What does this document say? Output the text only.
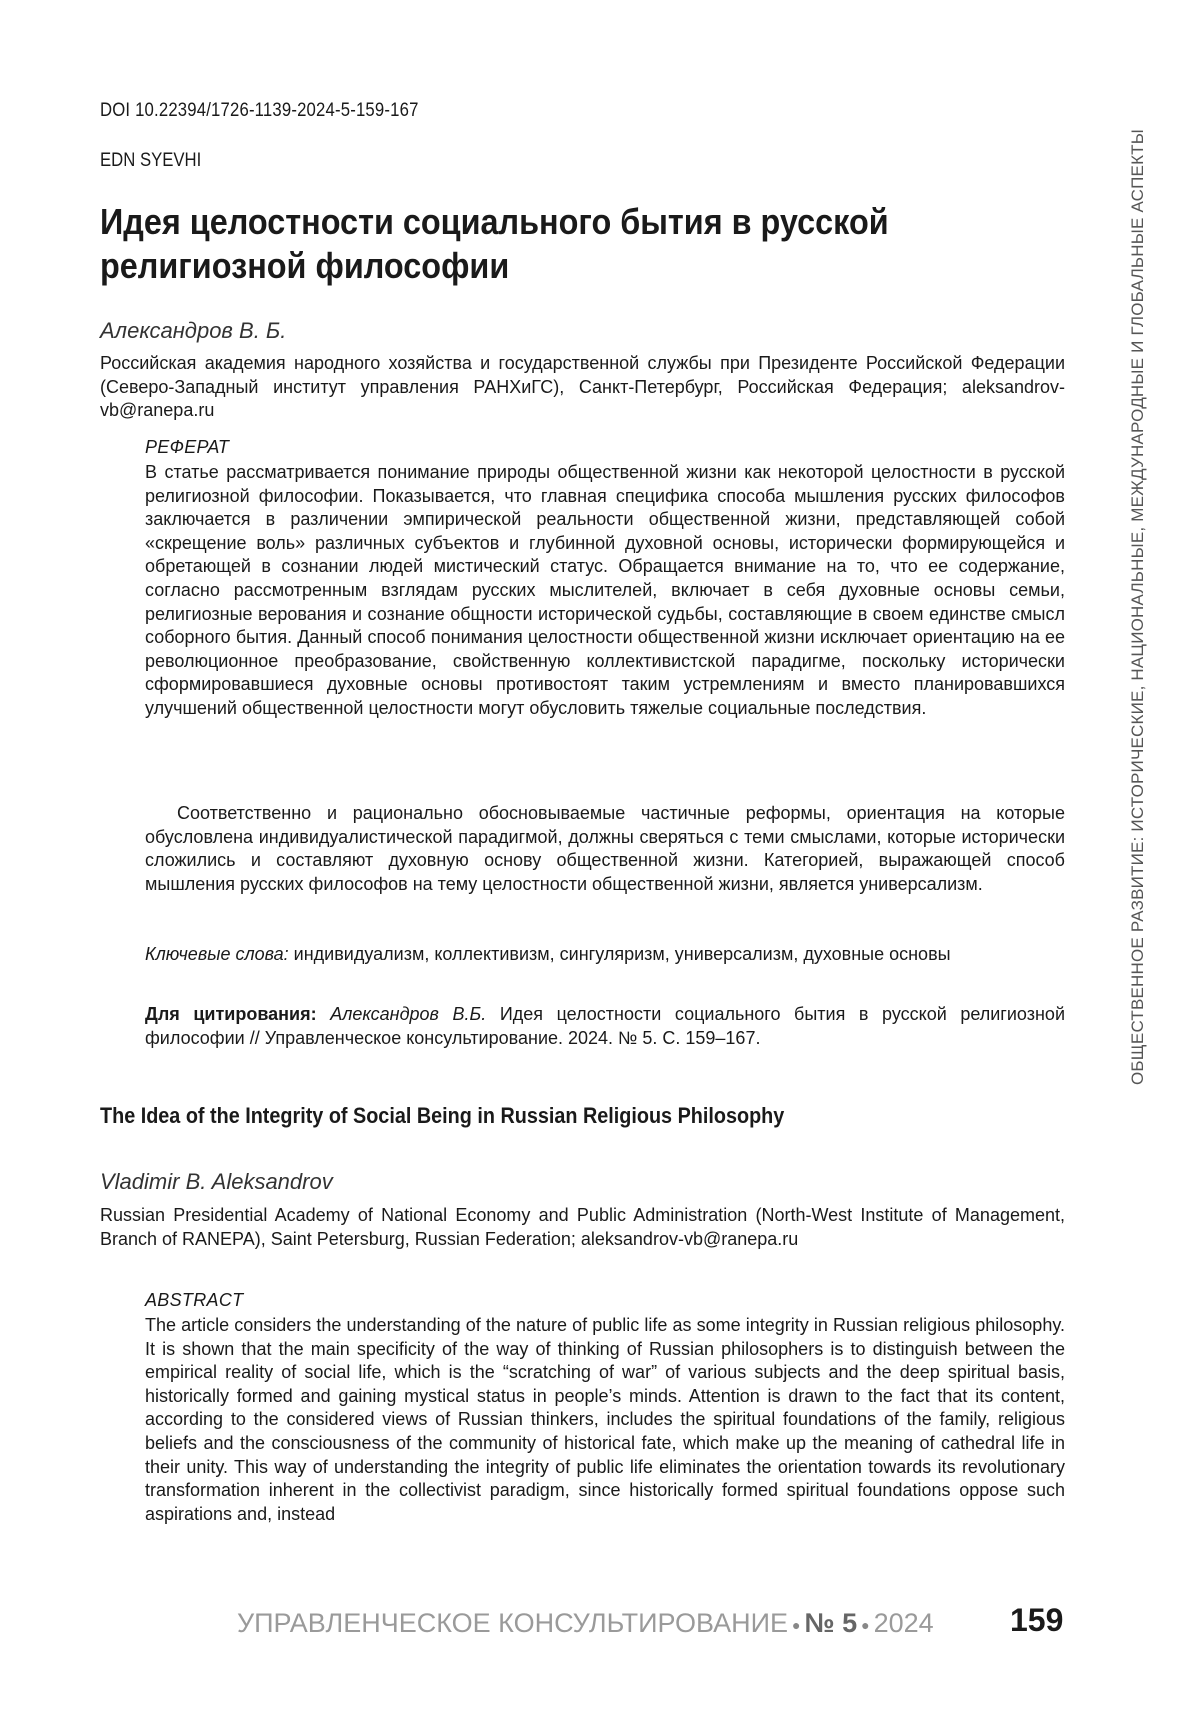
DOI 10.22394/1726-1139-2024-5-159-167
EDN SYEVHI
Идея целостности социального бытия в русской религиозной философии
Александров В. Б.
Российская академия народного хозяйства и государственной службы при Президенте Российской Федерации (Северо-Западный институт управления РАНХиГС), Санкт-Петербург, Российская Федерация; aleksandrov-vb@ranepa.ru
РЕФЕРАТ
В статье рассматривается понимание природы общественной жизни как некоторой целостности в русской религиозной философии. Показывается, что главная специфика способа мышления русских философов заключается в различении эмпирической реальности общественной жизни, представляющей собой «скрещение воль» различных субъектов и глубинной духовной основы, исторически формирующейся и обретающей в сознании людей мистический статус. Обращается внимание на то, что ее содержание, согласно рассмотренным взглядам русских мыслителей, включает в себя духовные основы семьи, религиозные верования и сознание общности исторической судьбы, составляющие в своем единстве смысл соборного бытия. Данный способ понимания целостности общественной жизни исключает ориентацию на ее революционное преобразование, свойственную коллективистской парадигме, поскольку исторически сформировавшиеся духовные основы противостоят таким устремлениям и вместо планировавшихся улучшений общественной целостности могут обусловить тяжелые социальные последствия.
Соответственно и рационально обосновываемые частичные реформы, ориентация на которые обусловлена индивидуалистической парадигмой, должны сверяться с теми смыслами, которые исторически сложились и составляют духовную основу общественной жизни. Категорией, выражающей способ мышления русских философов на тему целостности общественной жизни, является универсализм.
Ключевые слова: индивидуализм, коллективизм, сингуляризм, универсализм, духовные основы
Для цитирования: Александров В.Б. Идея целостности социального бытия в русской религиозной философии // Управленческое консультирование. 2024. № 5. С. 159–167.
The Idea of the Integrity of Social Being in Russian Religious Philosophy
Vladimir B. Aleksandrov
Russian Presidential Academy of National Economy and Public Administration (North-West Institute of Management, Branch of RANEPA), Saint Petersburg, Russian Federation; aleksandrov-vb@ranepa.ru
ABSTRACT
The article considers the understanding of the nature of public life as some integrity in Russian religious philosophy. It is shown that the main specificity of the way of thinking of Russian philosophers is to distinguish between the empirical reality of social life, which is the “scratching of war” of various subjects and the deep spiritual basis, historically formed and gaining mystical status in people’s minds. Attention is drawn to the fact that its content, according to the considered views of Russian thinkers, includes the spiritual foundations of the family, religious beliefs and the consciousness of the community of historical fate, which make up the meaning of cathedral life in their unity. This way of understanding the integrity of public life eliminates the orientation towards its revolutionary transformation inherent in the collectivist paradigm, since historically formed spiritual foundations oppose such aspirations and, instead
ОБЩЕСТВЕННОЕ РАЗВИТИЕ: ИСТОРИЧЕСКИЕ, НАЦИОНАЛЬНЫЕ, МЕЖДУНАРОДНЫЕ И ГЛОБАЛЬНЫЕ АСПЕКТЫ
УПРАВЛЕНЧЕСКОЕ КОНСУЛЬТИРОВАНИЕ ● № 5 ● 2024 159
